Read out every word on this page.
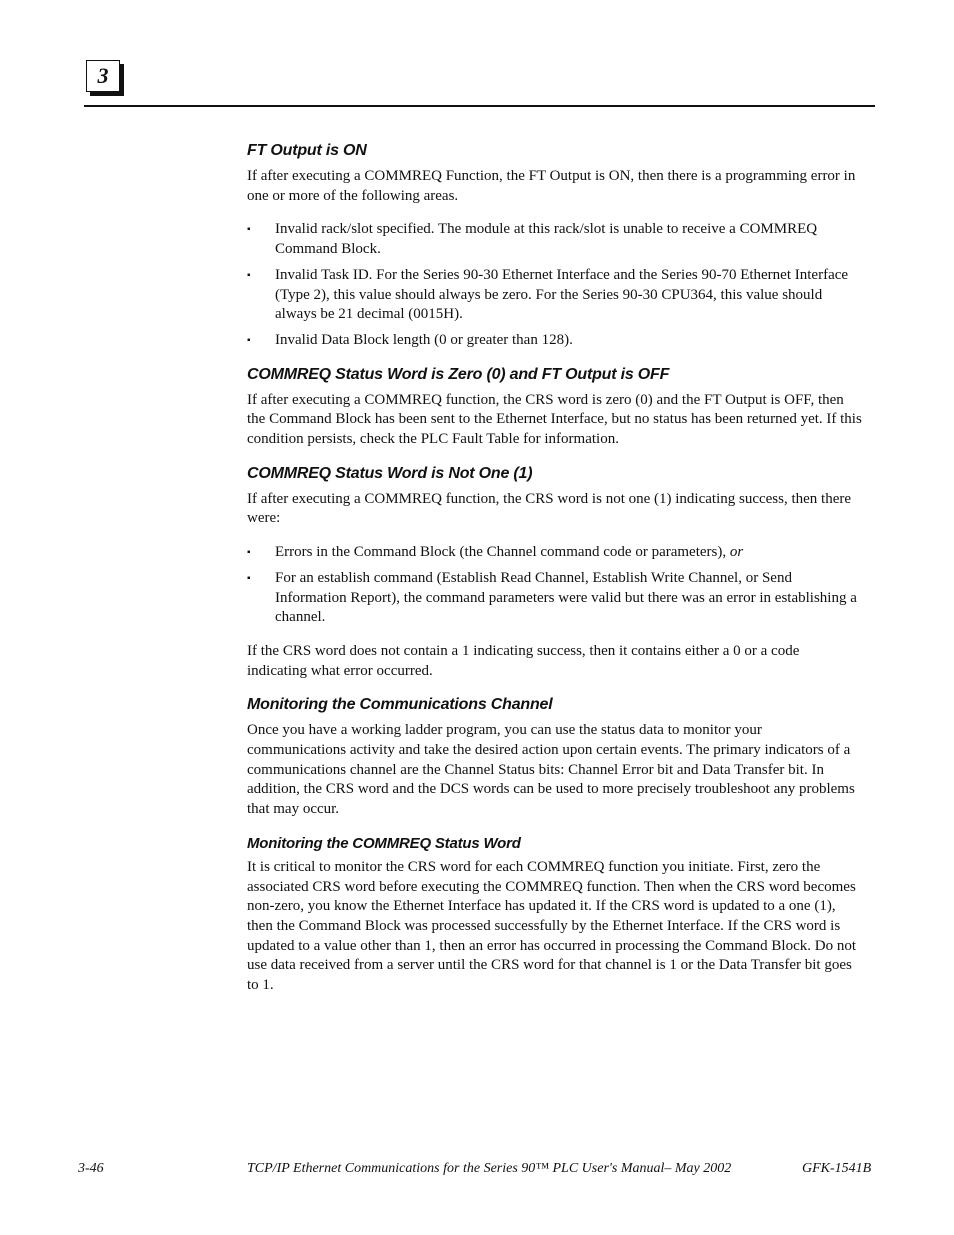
3
FT Output is ON

If after executing a COMMREQ Function, the FT Output is ON, then there is a programming error in one or more of the following areas.

▪ Invalid rack/slot specified. The module at this rack/slot is unable to receive a COMMREQ Command Block.
▪ Invalid Task ID. For the Series 90-30 Ethernet Interface and the Series 90-70 Ethernet Interface (Type 2), this value should always be zero. For the Series 90-30 CPU364, this value should always be 21 decimal (0015H).
▪ Invalid Data Block length (0 or greater than 128).
COMMREQ Status Word is Zero (0) and FT Output is OFF

If after executing a COMMREQ function, the CRS word is zero (0) and the FT Output is OFF, then the Command Block has been sent to the Ethernet Interface, but no status has been returned yet. If this condition persists, check the PLC Fault Table for information.

COMMREQ Status Word is Not One (1)

If after executing a COMMREQ function, the CRS word is not one (1) indicating success, then there were:

▪ Errors in the Command Block (the Channel command code or parameters), or
▪ For an establish command (Establish Read Channel, Establish Write Channel, or Send Information Report), the command parameters were valid but there was an error in establishing a channel.

If the CRS word does not contain a 1 indicating success, then it contains either a 0 or a code indicating what error occurred.

Monitoring the Communications Channel

Once you have a working ladder program, you can use the status data to monitor your communications activity and take the desired action upon certain events. The primary indicators of a communications channel are the Channel Status bits: Channel Error bit and Data Transfer bit. In addition, the CRS word and the DCS words can be used to more precisely troubleshoot any problems that may occur.

Monitoring the COMMREQ Status Word

It is critical to monitor the CRS word for each COMMREQ function you initiate. First, zero the associated CRS word before executing the COMMREQ function. Then when the CRS word becomes non-zero, you know the Ethernet Interface has updated it. If the CRS word is updated to a one (1), then the Command Block was processed successfully by the Ethernet Interface. If the CRS word is updated to a value other than 1, then an error has occurred in processing the Command Block. Do not use data received from a server until the CRS word for that channel is 1 or the Data Transfer bit goes to 1.

3-46	TCP/IP Ethernet Communications for the Series 90™ PLC User's Manual– May 2002	GFK-1541B
